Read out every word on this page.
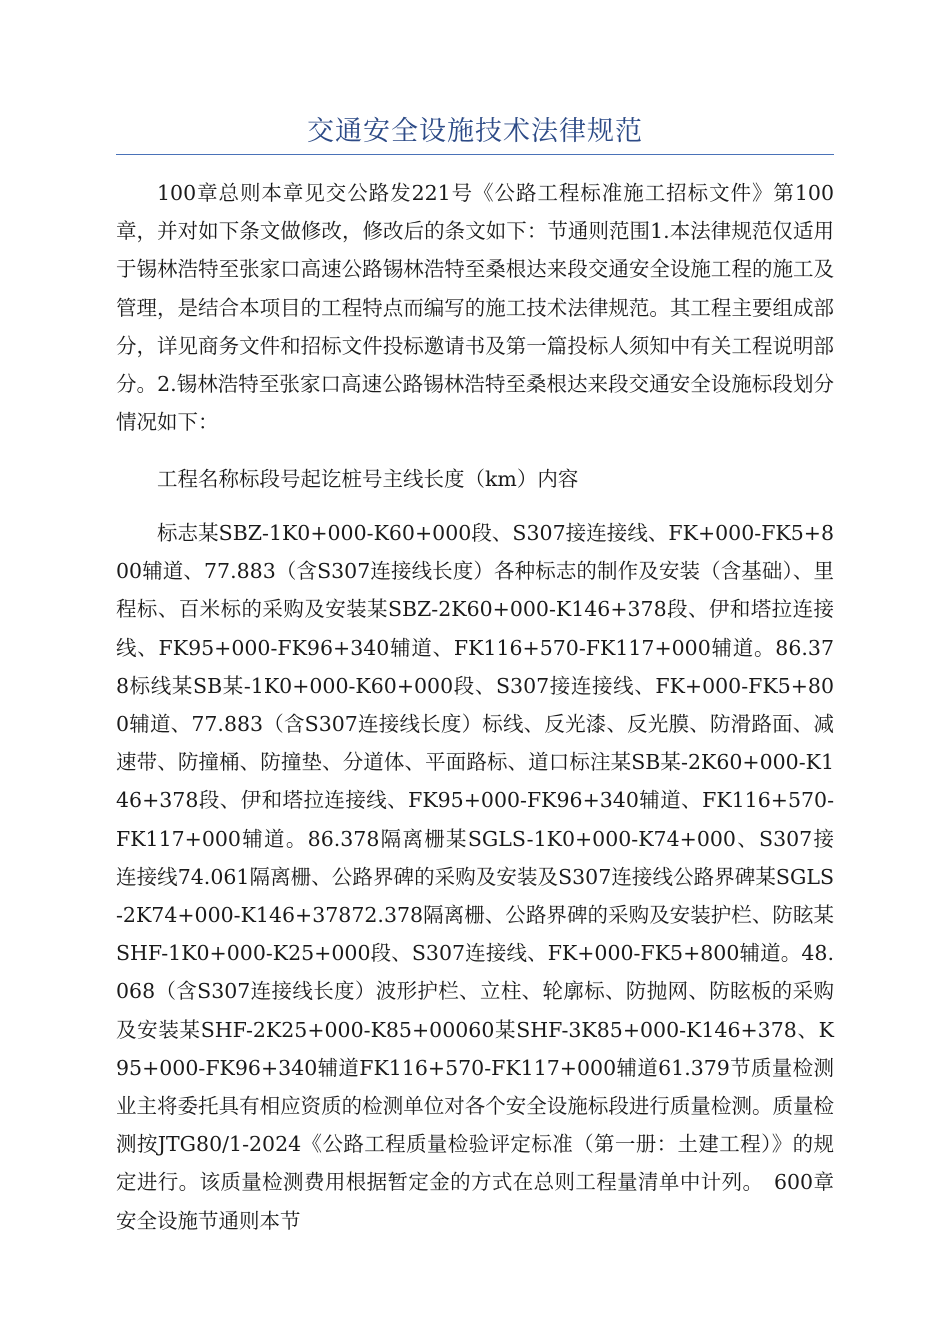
交通安全设施技术法律规范

100章总则本章见交公路发221号《公路工程标准施工招标文件》第100章，并对如下条文做修改，修改后的条文如下：节通则范围1.本法律规范仅适用于锡林浩特至张家口高速公路锡林浩特至桑根达来段交通安全设施工程的施工及管理，是结合本项目的工程特点而编写的施工技术法律规范。其工程主要组成部分，详见商务文件和招标文件投标邀请书及第一篇投标人须知中有关工程说明部分。2.锡林浩特至张家口高速公路锡林浩特至桑根达来段交通安全设施标段划分情况如下：

工程名称标段号起讫桩号主线长度（km）内容

标志某SBZ-1K0+000-K60+000段、S307接连接线、FK+000-FK5+800辅道、77.883（含S307连接线长度）各种标志的制作及安装（含基础）、里程标、百米标的采购及安装某SBZ-2K60+000-K146+378段、伊和塔拉连接线、FK95+000-FK96+340辅道、FK116+570-FK117+000辅道。86.378标线某SB某-1K0+000-K60+000段、S307接连接线、FK+000-FK5+800辅道、77.883（含S307连接线长度）标线、反光漆、反光膜、防滑路面、减速带、防撞桶、防撞垫、分道体、平面路标、道口标注某SB某-2K60+000-K146+378段、伊和塔拉连接线、FK95+000-FK96+340辅道、FK116+570-FK117+000辅道。86.378隔离栅某SGLS-1K0+000-K74+000、S307接连接线74.061隔离栅、公路界碑的采购及安装及S307连接线公路界碑某SGLS-2K74+000-K146+37872.378隔离栅、公路界碑的采购及安装护栏、防眩某SHF-1K0+000-K25+000段、S307连接线、FK+000-FK5+800辅道。48.068（含S307连接线长度）波形护栏、立柱、轮廓标、防抛网、防眩板的采购及安装某SHF-2K25+000-K85+00060某SHF-3K85+000-K146+378、K95+000-FK96+340辅道FK116+570-FK117+000辅道61.379节质量检测业主将委托具有相应资质的检测单位对各个安全设施标段进行质量检测。质量检测按JTG80/1-2024《公路工程质量检验评定标准（第一册：土建工程）》的规定进行。该质量检测费用根据暂定金的方式在总则工程量清单中计列。　600章安全设施节通则本节
